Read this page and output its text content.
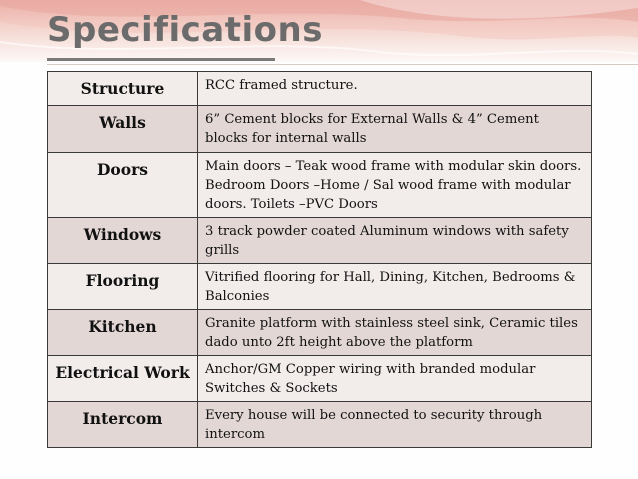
Specifications
Structure	RCC framed structure.
Walls	6” Cement blocks for External Walls & 4” Cement blocks for internal walls
Doors	Main doors – Teak wood frame with modular skin doors. Bedroom Doors –Home / Sal wood frame with modular doors. Toilets –PVC Doors
Windows	3 track powder coated Aluminum windows with safety grills
Flooring	Vitrified flooring for Hall, Dining, Kitchen, Bedrooms & Balconies
Kitchen	Granite platform with stainless steel sink, Ceramic tiles dado unto 2ft height above the platform
Electrical Work	Anchor/GM Copper wiring with branded modular Switches & Sockets
Intercom	Every house will be connected to security through intercom
